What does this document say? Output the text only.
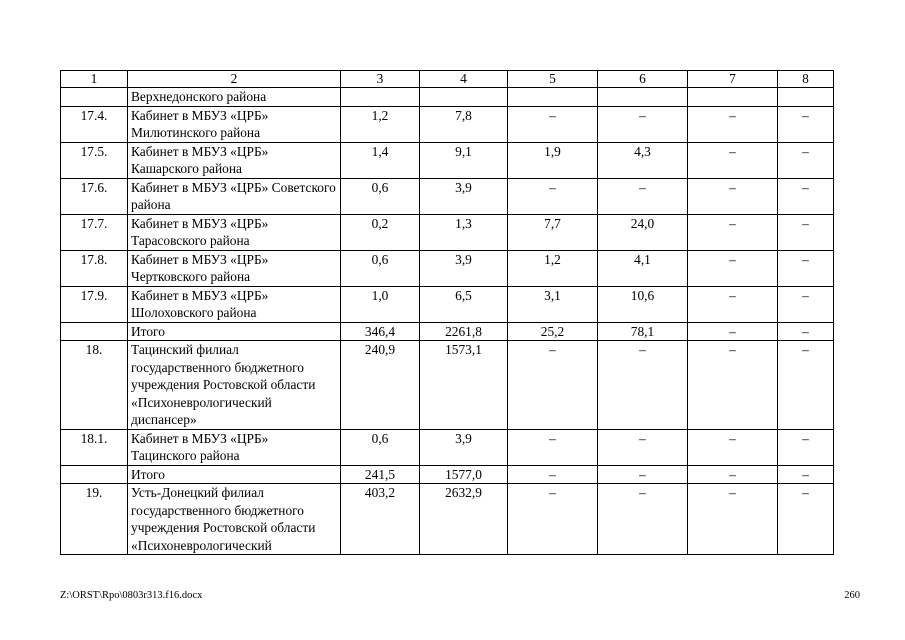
1	2	3	4	5	6	7	8
	Верхнедонского района						
17.4.	Кабинет в МБУЗ «ЦРБ» Милютинского района	1,2	7,8	–	–	–	–
17.5.	Кабинет в МБУЗ «ЦРБ» Кашарского района	1,4	9,1	1,9	4,3	–	–
17.6.	Кабинет в МБУЗ «ЦРБ» Советского района	0,6	3,9	–	–	–	–
17.7.	Кабинет в МБУЗ «ЦРБ» Тарасовского района	0,2	1,3	7,7	24,0	–	–
17.8.	Кабинет в МБУЗ «ЦРБ» Чертковского района	0,6	3,9	1,2	4,1	–	–
17.9.	Кабинет в МБУЗ «ЦРБ» Шолоховского района	1,0	6,5	3,1	10,6	–	–
	Итого	346,4	2261,8	25,2	78,1	–	–
18.	Тацинский филиал государственного бюджетного учреждения Ростовской области «Психоневрологический диспансер»	240,9	1573,1	–	–	–	–
18.1.	Кабинет в МБУЗ «ЦРБ» Тацинского района	0,6	3,9	–	–	–	–
	Итого	241,5	1577,0	–	–	–	–
19.	Усть-Донецкий филиал государственного бюджетного учреждения Ростовской области «Психоневрологический	403,2	2632,9	–	–	–	–
Z:\ORST\Rpo\0803r313.f16.docx	260
